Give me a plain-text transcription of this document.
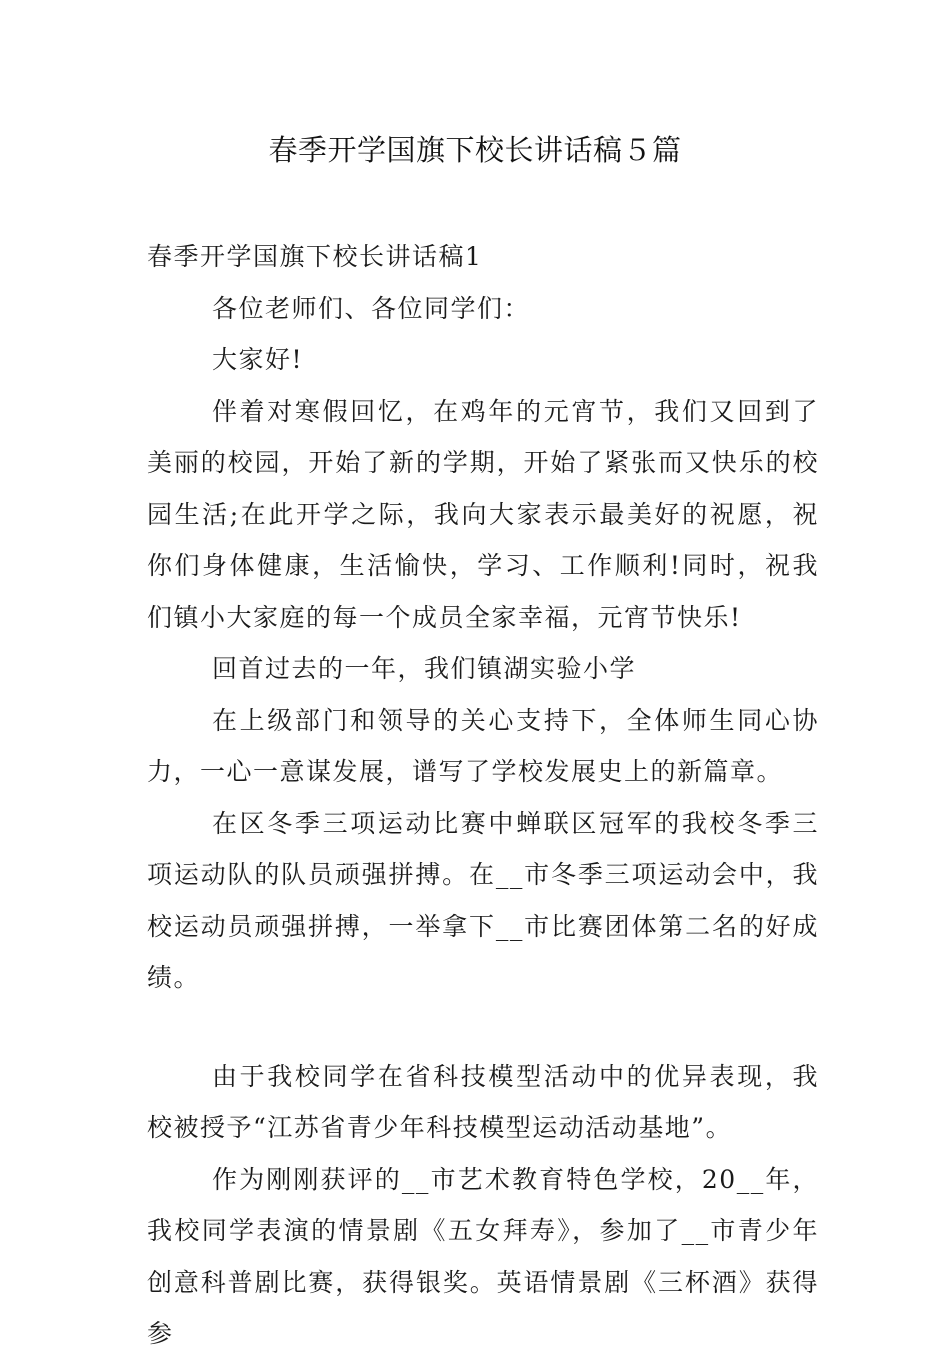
春季开学国旗下校长讲话稿５篇

春季开学国旗下校长讲话稿1

各位老师们、各位同学们：

大家好!

伴着对寒假回忆，在鸡年的元宵节，我们又回到了美丽的校园，开始了新的学期，开始了紧张而又快乐的校园生活;在此开学之际，我向大家表示最美好的祝愿，祝你们身体健康，生活愉快，学习、工作顺利!同时，祝我们镇小大家庭的每一个成员全家幸福，元宵节快乐!

回首过去的一年，我们镇湖实验小学

在上级部门和领导的关心支持下，全体师生同心协力，一心一意谋发展，谱写了学校发展史上的新篇章。

在区冬季三项运动比赛中蝉联区冠军的我校冬季三项运动队的队员顽强拼搏。在__市冬季三项运动会中，我校运动员顽强拼搏，一举拿下__市比赛团体第二名的好成绩。

由于我校同学在省科技模型活动中的优异表现，我校被授予“江苏省青少年科技模型运动活动基地”。

作为刚刚获评的__市艺术教育特色学校，20__年，我校同学表演的情景剧《五女拜寿》，参加了__市青少年创意科普剧比赛，获得银奖。英语情景剧《三杯酒》获得参
